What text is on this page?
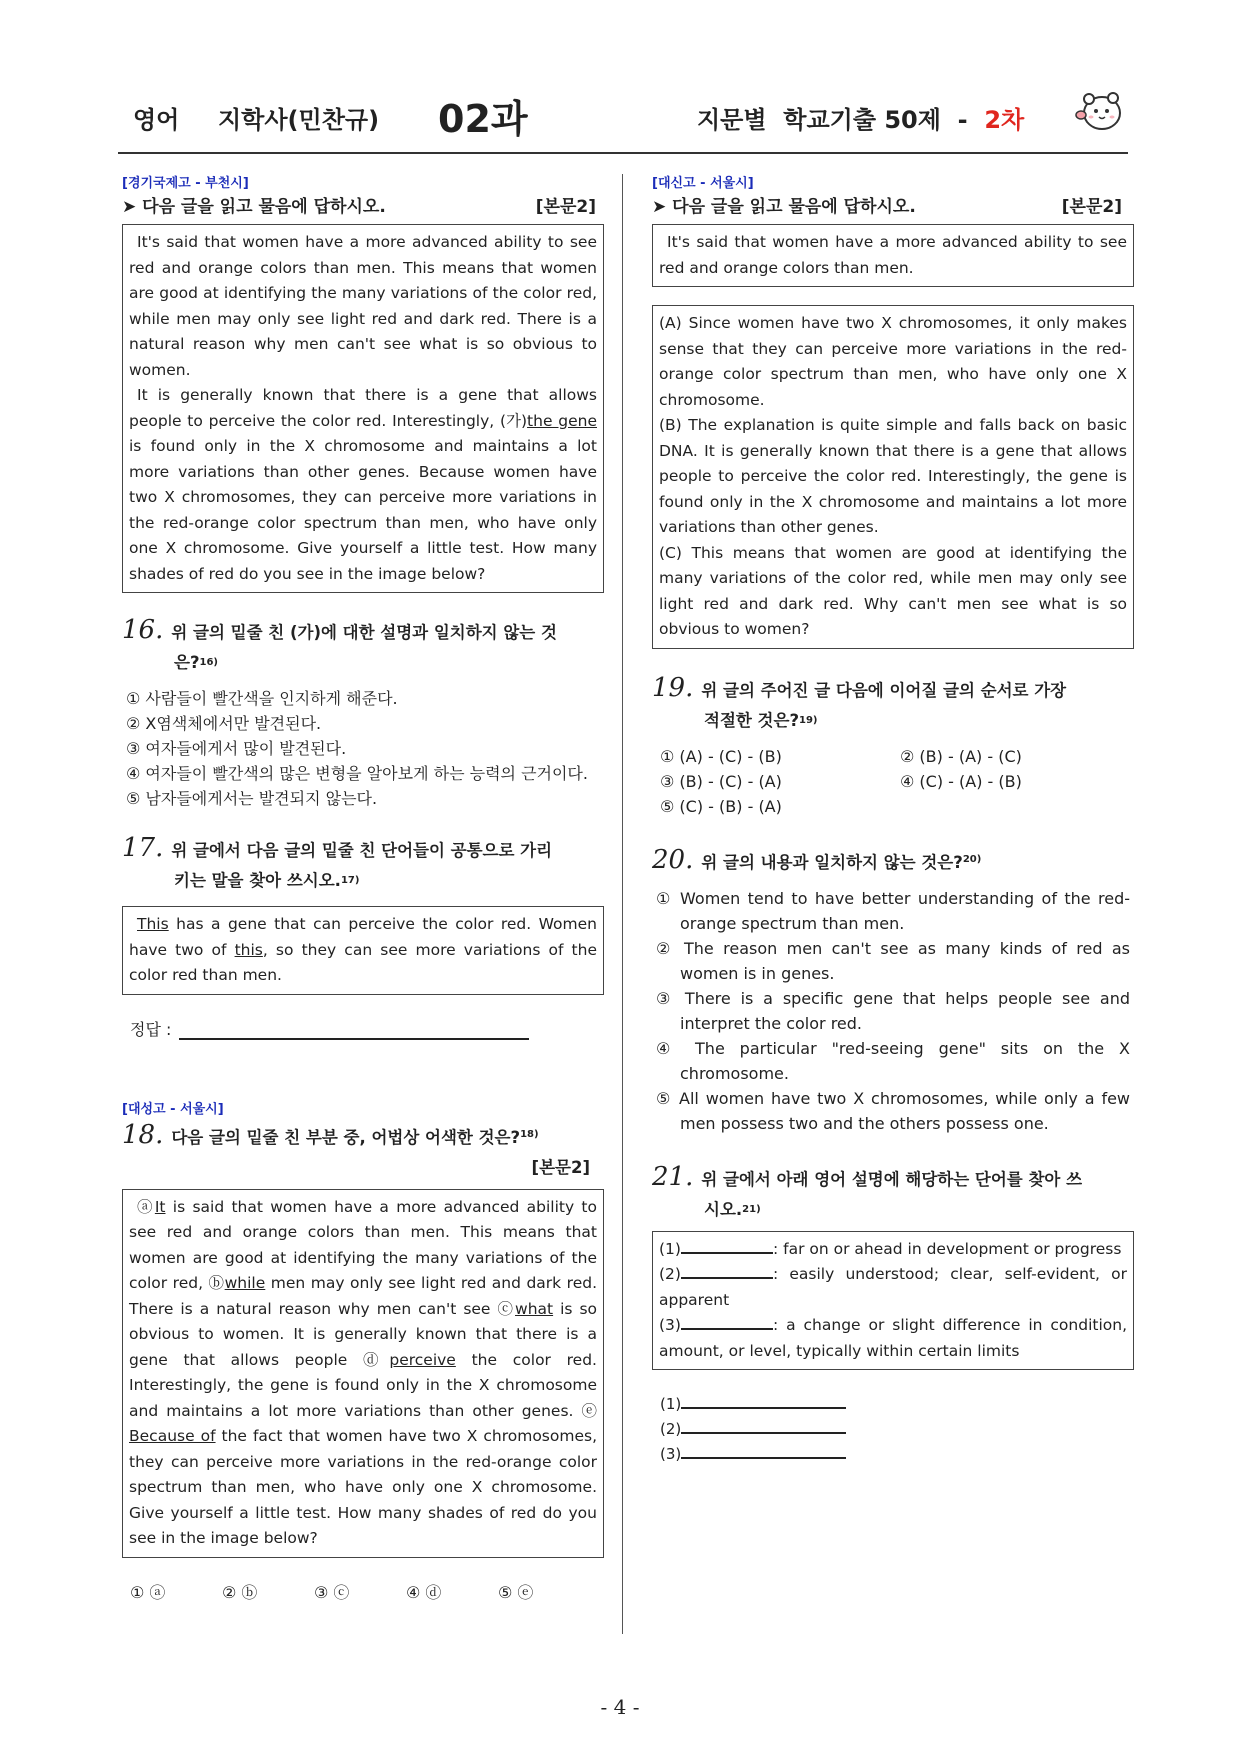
영어 지학사(민찬규) 02과	지문별  학교기출 50제  -  2차
[경기국제고 - 부천시]
➤ 다음 글을 읽고 물음에 답하시오.	[본문2]

It's said that women have a more advanced ability to see red and orange colors than men. This means that women are good at identifying the many variations of the color red, while men may only see light red and dark red. There is a natural reason why men can't see what is so obvious to women.

It is generally known that there is a gene that allows people to perceive the color red. Interestingly, (가)the gene is found only in the X chromosome and maintains a lot more variations than other genes. Because women have two X chromosomes, they can perceive more variations in the red-orange color spectrum than men, who have only one X chromosome. Give yourself a little test. How many shades of red do you see in the image below?

16. 위 글의 밑줄 친 (가)에 대한 설명과 일치하지 않는 것
은?$^{16)}$
① 사람들이 빨간색을 인지하게 해준다.
② X염색체에서만 발견된다.
③ 여자들에게서 많이 발견된다.
④ 여자들이 빨간색의 많은 변형을 알아보게 하는 능력의 근거이다.
⑤ 남자들에게서는 발견되지 않는다.
17. 위 글에서 다음 글의 밑줄 친 단어들이 공통으로 가리
키는 말을 찾아 쓰시오.$^{17)}$

This has a gene that can perceive the color red. Women have two of this, so they can see more variations of the color red than men.

정답 :
[대성고 - 서울시]
18. 다음 글의 밑줄 친 부분 중, 어법상 어색한 것은?$^{18)}$
[본문2]

ⓐIt is said that women have a more advanced ability to see red and orange colors than men. This means that women are good at identifying the many variations of the color red, ⓑwhile men may only see light red and dark red. There is a natural reason why men can't see ⓒwhat is so obvious to women. It is generally known that there is a gene that allows people ⓓperceive the color red. Interestingly, the gene is found only in the X chromosome and maintains a lot more variations than other genes. ⓔ Because of the fact that women have two X chromosomes, they can perceive more variations in the red-orange color spectrum than men, who have only one X chromosome. Give yourself a little test. How many shades of red do you see in the image below?

① ⓐ	② ⓑ	③ ⓒ	④ ⓓ	⑤ ⓔ
[대신고 - 서울시]
➤ 다음 글을 읽고 물음에 답하시오.	[본문2]

It's said that women have a more advanced ability to see red and orange colors than men.

(A) Since women have two X chromosomes, it only makes sense that they can perceive more variations in the red-orange color spectrum than men, who have only one X chromosome.

(B) The explanation is quite simple and falls back on basic DNA. It is generally known that there is a gene that allows people to perceive the color red. Interestingly, the gene is found only in the X chromosome and maintains a lot more variations than other genes.

(C) This means that women are good at identifying the many variations of the color red, while men may only see light red and dark red. Why can't men see what is so obvious to women?

19. 위 글의 주어진 글 다음에 이어질 글의 순서로 가장
적절한 것은?$^{19)}$
① (A) - (C) - (B)	② (B) - (A) - (C)
③ (B) - (C) - (A)	④ (C) - (A) - (B)
⑤ (C) - (B) - (A)
20. 위 글의 내용과 일치하지 않는 것은?$^{20)}$
① Women tend to have better understanding of the red-orange spectrum than men.
② The reason men can't see as many kinds of red as women is in genes.
③ There is a specific gene that helps people see and interpret the color red.
④ The particular "red-seeing gene" sits on the X chromosome.
⑤ All women have two X chromosomes, while only a few men possess two and the others possess one.
21. 위 글에서 아래 영어 설명에 해당하는 단어를 찾아 쓰
시오.$^{21)}$

(1)	: far on or ahead in development or progress

(2)	: easily understood; clear, self-evident, or apparent

(3)	: a change or slight difference in condition, amount, or level, typically within certain limits

(1)
(2)
(3)
- 4 -
